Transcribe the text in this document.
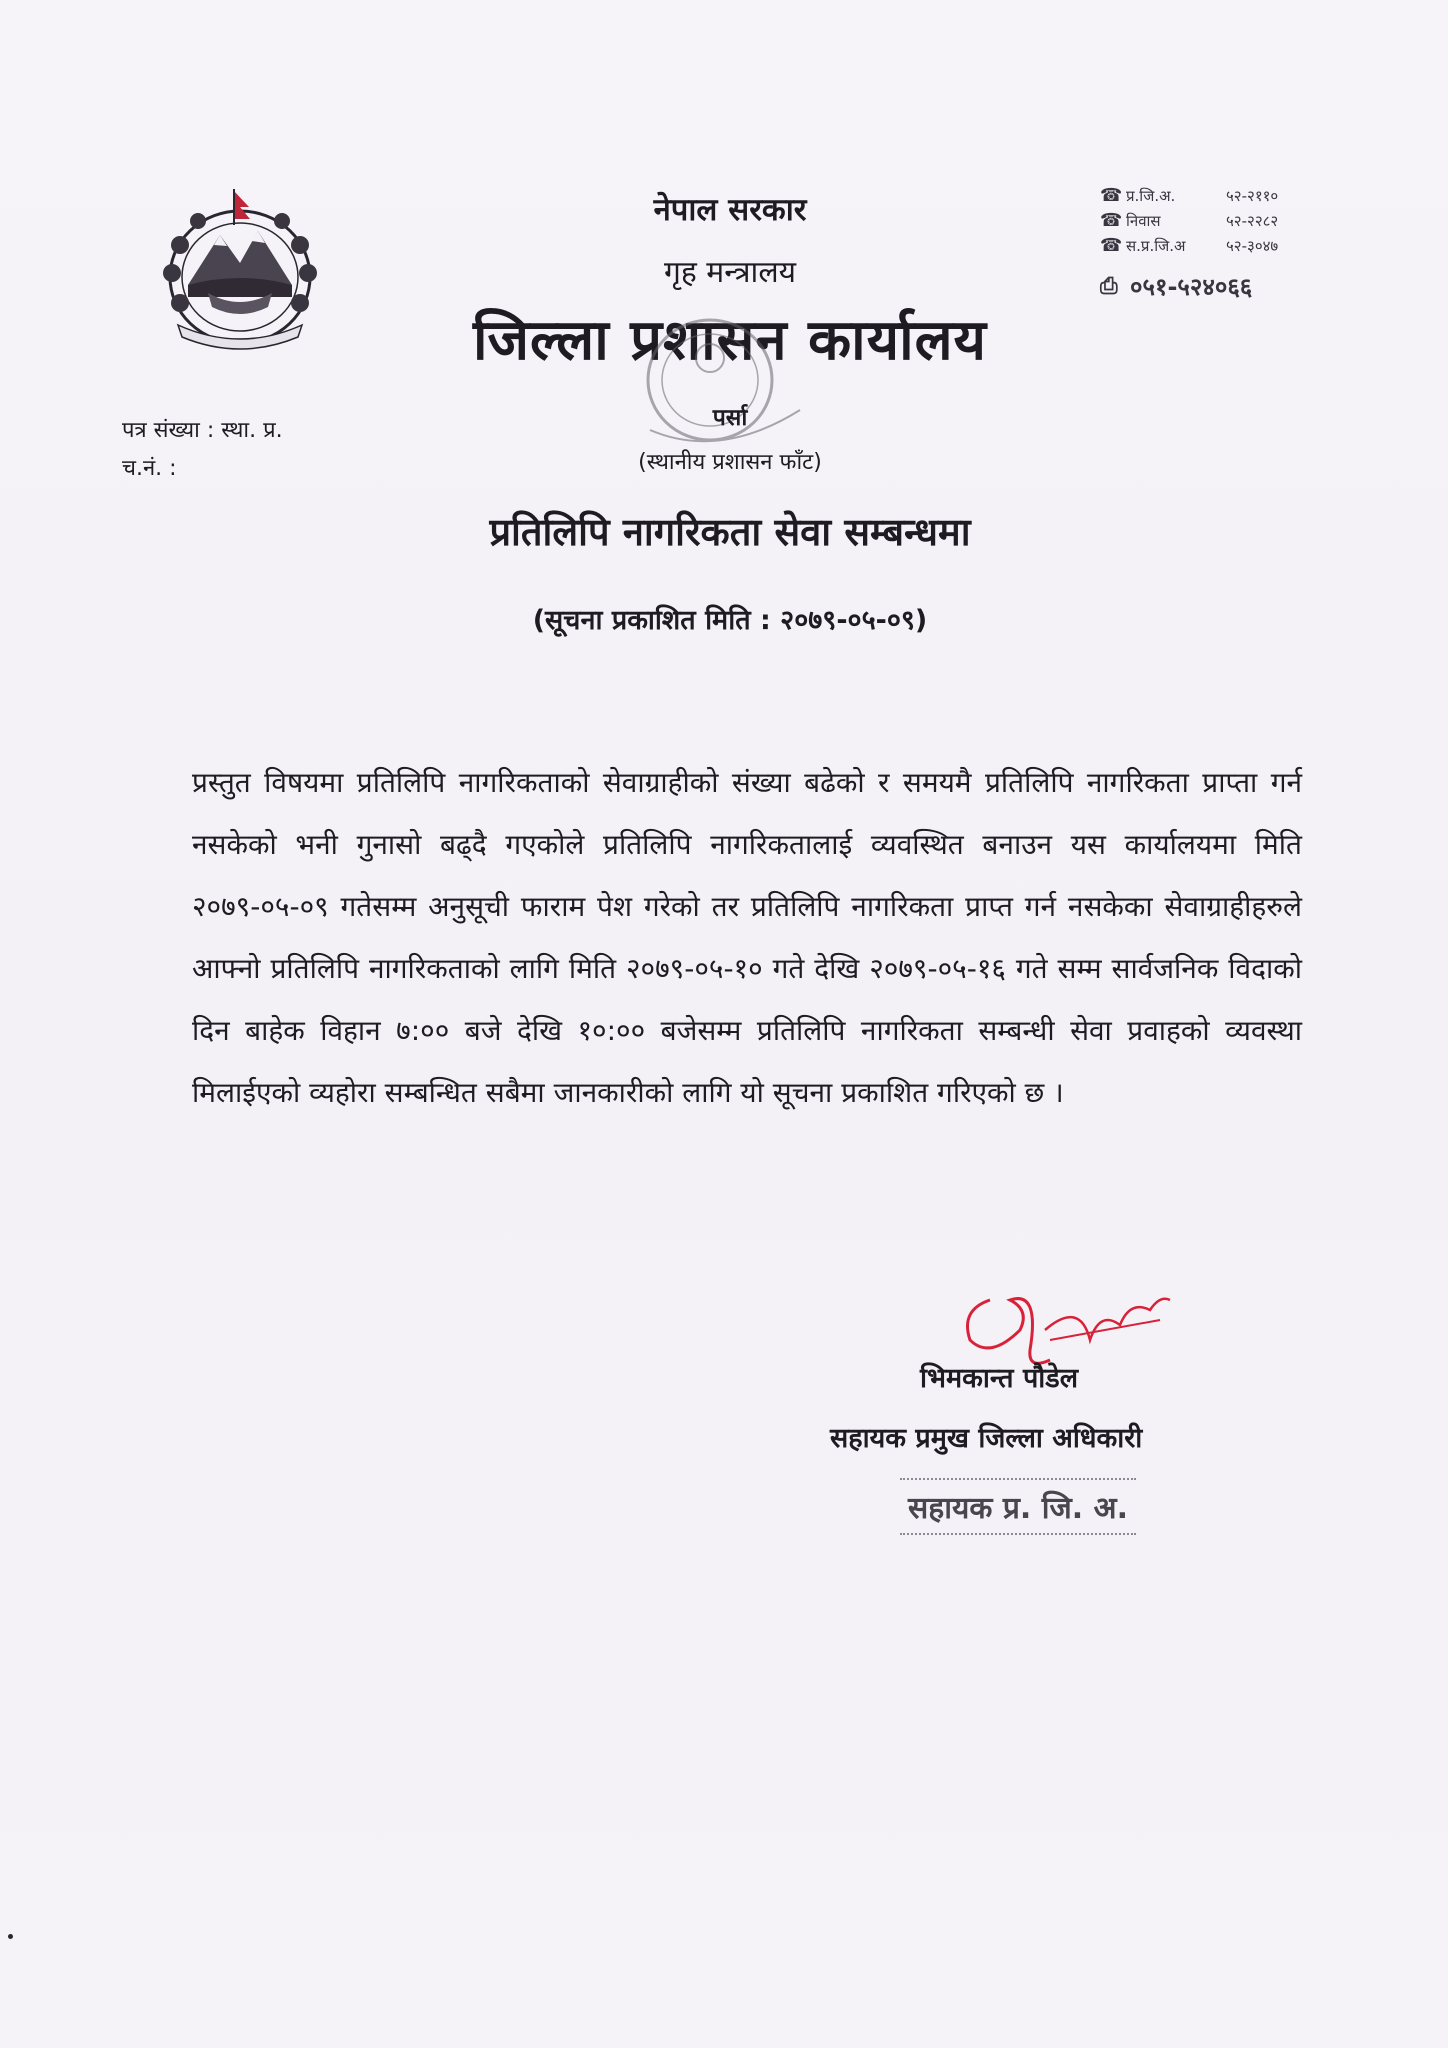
···········
नेपाल सरकार
गृह मन्त्रालय
जिल्ला प्रशासन कार्यालय
☎ प्र.जि.अ.	५२-२११०
☎ निवास	५२-२२८२
☎ स.प्र.जि.अ	५२-३०४७
⎙ ०५१-५२४०६६
पत्र संख्या : स्था. प्र.
च.नं. :
पर्सा
(स्थानीय प्रशासन फाँट)
प्रतिलिपि नागरिकता सेवा सम्बन्धमा
(सूचना प्रकाशित मिति : २०७९-०५-०९)
प्रस्तुत विषयमा प्रतिलिपि नागरिकताको सेवाग्राहीको संख्या बढेको र समयमै प्रतिलिपि नागरिकता प्राप्ता गर्न नसकेको भनी गुनासो बढ्दै गएकोले प्रतिलिपि नागरिकतालाई व्यवस्थित बनाउन यस कार्यालयमा मिति २०७९-०५-०९ गतेसम्म अनुसूची फाराम पेश गरेको तर प्रतिलिपि नागरिकता प्राप्त गर्न नसकेका सेवाग्राहीहरुले आफ्नो प्रतिलिपि नागरिकताको लागि मिति २०७९-०५-१० गते देखि २०७९-०५-१६ गते सम्म सार्वजनिक विदाको दिन बाहेक विहान ७:०० बजे देखि १०:०० बजेसम्म प्रतिलिपि नागरिकता सम्बन्धी सेवा प्रवाहको व्यवस्था मिलाईएको व्यहोरा सम्बन्धित सबैमा जानकारीको लागि यो सूचना प्रकाशित गरिएको छ ।
भिमकान्त पौडेल
सहायक प्रमुख जिल्ला अधिकारी
सहायक प्र. जि. अ.
